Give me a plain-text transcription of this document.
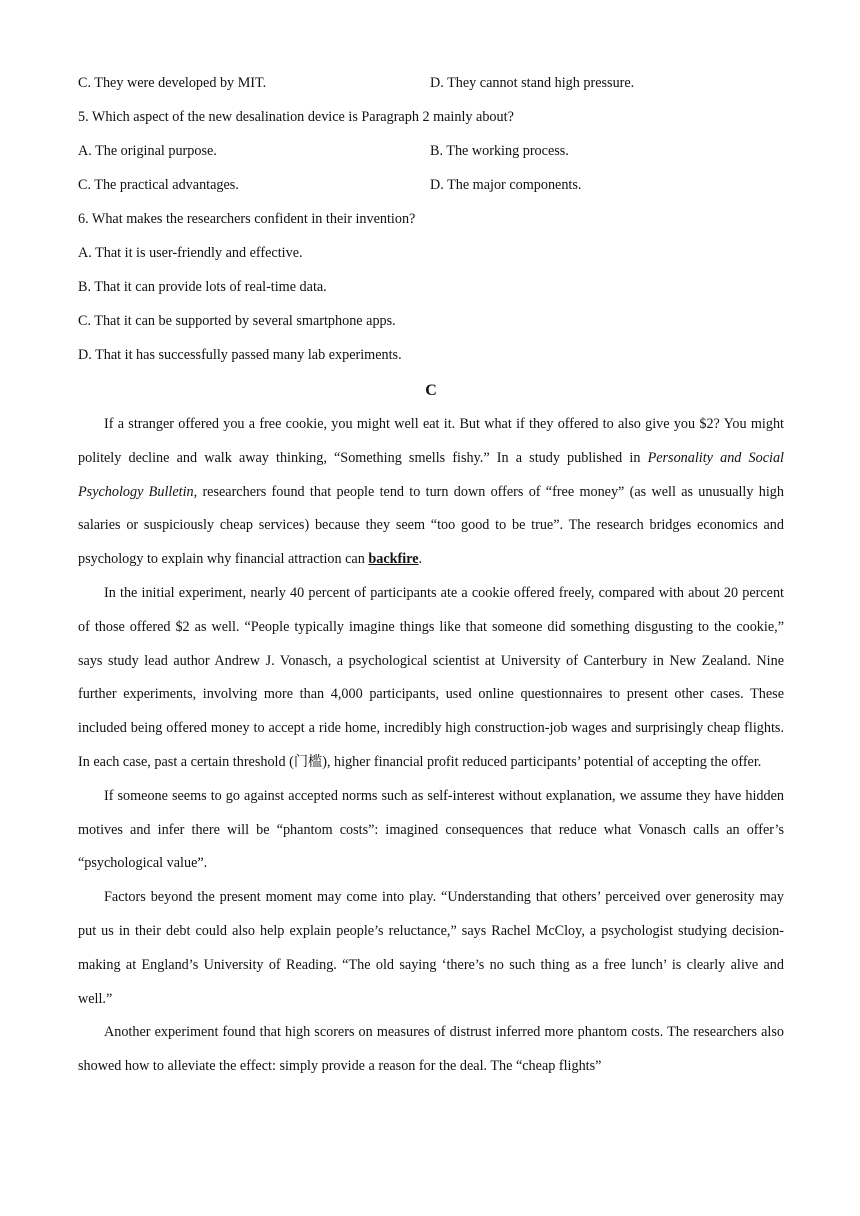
C. They were developed by MIT.	D. They cannot stand high pressure.
5. Which aspect of the new desalination device is Paragraph 2 mainly about?
A. The original purpose.	B. The working process.
C. The practical advantages.	D. The major components.
6. What makes the researchers confident in their invention?
A. That it is user-friendly and effective.
B. That it can provide lots of real-time data.
C. That it can be supported by several smartphone apps.
D. That it has successfully passed many lab experiments.
C

If a stranger offered you a free cookie, you might well eat it. But what if they offered to also give you $2? You might politely decline and walk away thinking, “Something smells fishy.” In a study published in Personality and Social Psychology Bulletin, researchers found that people tend to turn down offers of “free money” (as well as unusually high salaries or suspiciously cheap services) because they seem “too good to be true”. The research bridges economics and psychology to explain why financial attraction can backfire.

In the initial experiment, nearly 40 percent of participants ate a cookie offered freely, compared with about 20 percent of those offered $2 as well. “People typically imagine things like that someone did something disgusting to the cookie,” says study lead author Andrew J. Vonasch, a psychological scientist at University of Canterbury in New Zealand. Nine further experiments, involving more than 4,000 participants, used online questionnaires to present other cases. These included being offered money to accept a ride home, incredibly high construction-job wages and surprisingly cheap flights. In each case, past a certain threshold (门槛), higher financial profit reduced participants’ potential of accepting the offer.

If someone seems to go against accepted norms such as self-interest without explanation, we assume they have hidden motives and infer there will be “phantom costs”: imagined consequences that reduce what Vonasch calls an offer’s “psychological value”.

Factors beyond the present moment may come into play. “Understanding that others’ perceived over generosity may put us in their debt could also help explain people’s reluctance,” says Rachel McCloy, a psychologist studying decision-making at England’s University of Reading. “The old saying ‘there’s no such thing as a free lunch’ is clearly alive and well.”

Another experiment found that high scorers on measures of distrust inferred more phantom costs. The researchers also showed how to alleviate the effect: simply provide a reason for the deal. The “cheap flights”
